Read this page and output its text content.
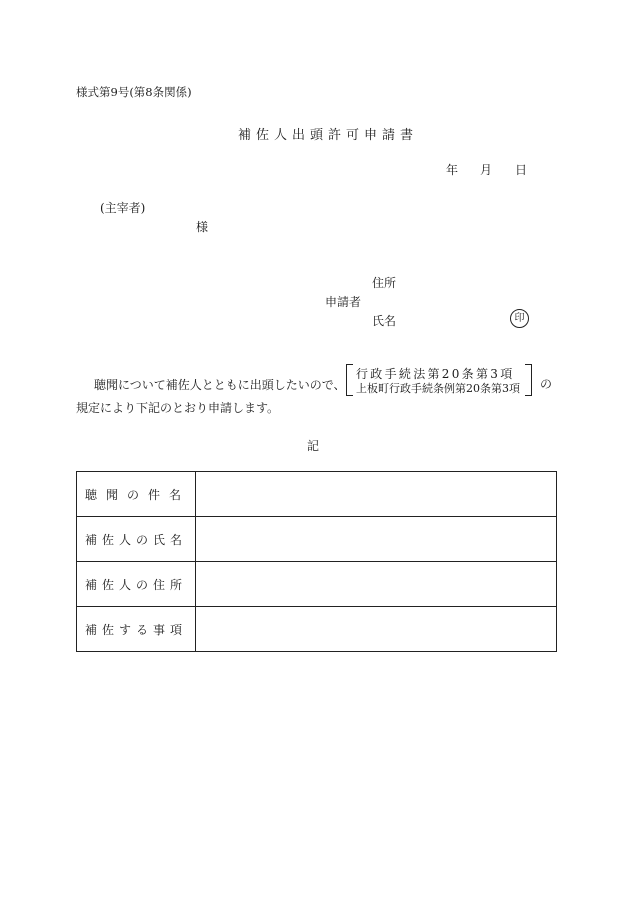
様式第9号(第8条関係)
補佐人出頭許可申請書
年 月 日
(主宰者)
様
住所
申請者
氏名	印
聴聞について補佐人とともに出頭したいので、
行政手続法第20条第3項
上板町行政手続条例第20条第3項 の
規定により下記のとおり申請します。
記
聴聞の件名	
補佐人の氏名	
補佐人の住所	
補佐する事項	
